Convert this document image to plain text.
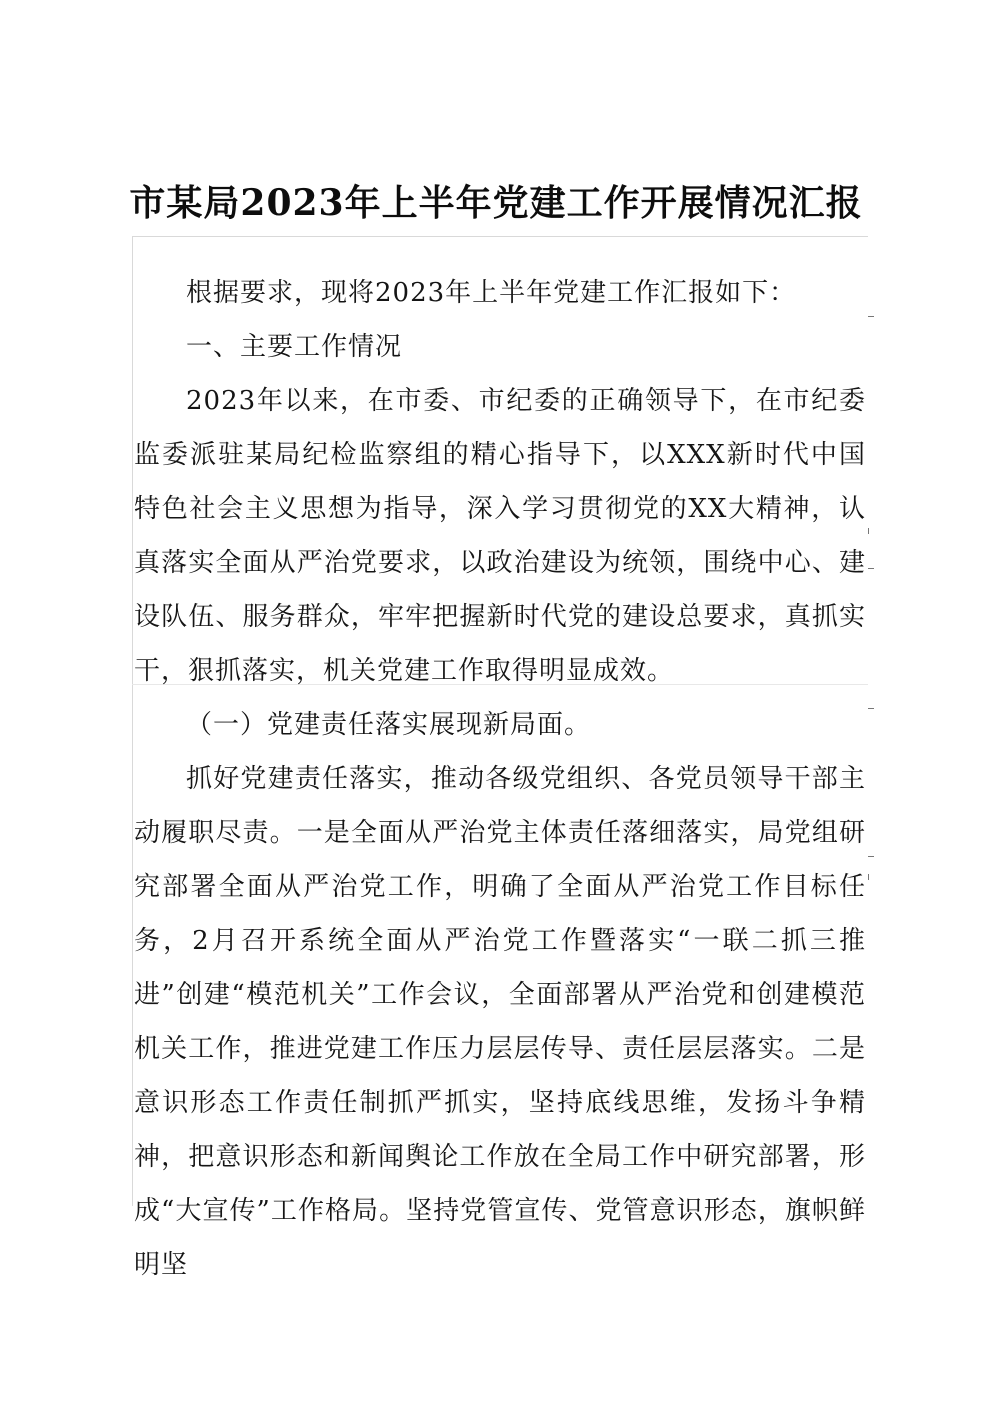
市某局2023年上半年党建工作开展情况汇报

根据要求，现将2023年上半年党建工作汇报如下：

一、主要工作情况

2023年以来，在市委、市纪委的正确领导下，在市纪委监委派驻某局纪检监察组的精心指导下，以XXX新时代中国特色社会主义思想为指导，深入学习贯彻党的XX大精神，认真落实全面从严治党要求，以政治建设为统领，围绕中心、建设队伍、服务群众，牢牢把握新时代党的建设总要求，真抓实干，狠抓落实，机关党建工作取得明显成效。

（一）党建责任落实展现新局面。

抓好党建责任落实，推动各级党组织、各党员领导干部主动履职尽责。一是全面从严治党主体责任落细落实，局党组研究部署全面从严治党工作，明确了全面从严治党工作目标任务，2月召开系统全面从严治党工作暨落实“一联二抓三推进”创建“模范机关”工作会议，全面部署从严治党和创建模范机关工作，推进党建工作压力层层传导、责任层层落实。二是意识形态工作责任制抓严抓实，坚持底线思维，发扬斗争精神，把意识形态和新闻舆论工作放在全局工作中研究部署，形成“大宣传”工作格局。坚持党管宣传、党管意识形态，旗帜鲜明坚
